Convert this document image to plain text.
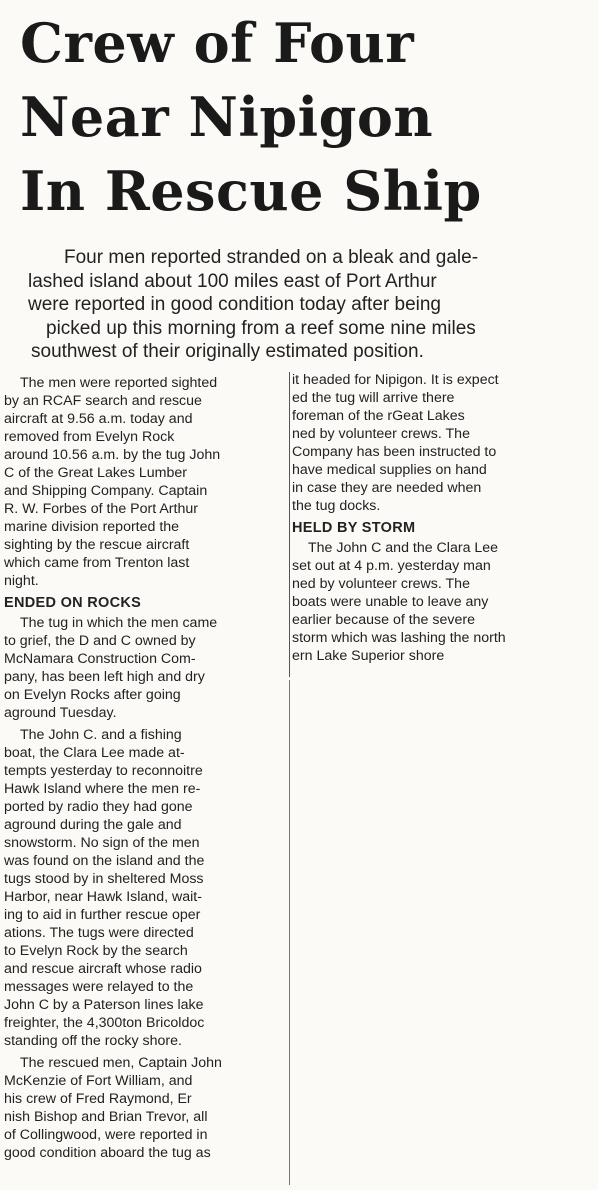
Crew of Four
Near Nipigon
In Rescue Ship

Four men reported stranded on a bleak and gale-
lashed island about 100 miles east of Port Arthur
were reported in good condition today after being
picked up this morning from a reef some nine miles
southwest of their originally estimated position.

The men were reported sighted
by an RCAF search and rescue
aircraft at 9.56 a.m. today and
removed from Evelyn Rock
around 10.56 a.m. by the tug John
C of the Great Lakes Lumber
and Shipping Company. Captain
R. W. Forbes of the Port Arthur
marine division reported the
sighting by the rescue aircraft
which came from Trenton last
night.

ENDED ON ROCKS

The tug in which the men came
to grief, the D and C owned by
McNamara Construction Com-
pany, has been left high and dry
on Evelyn Rocks after going
aground Tuesday.

The John C. and a fishing
boat, the Clara Lee made at-
tempts yesterday to reconnoitre
Hawk Island where the men re-
ported by radio they had gone
aground during the gale and
snowstorm. No sign of the men
was found on the island and the
tugs stood by in sheltered Moss
Harbor, near Hawk Island, wait-
ing to aid in further rescue oper
ations. The tugs were directed
to Evelyn Rock by the search
and rescue aircraft whose radio
messages were relayed to the
John C by a Paterson lines lake
freighter, the 4,300ton Bricoldoc
standing off the rocky shore.

The rescued men, Captain John
McKenzie of Fort William, and
his crew of Fred Raymond, Er
nish Bishop and Brian Trevor, all
of Collingwood, were reported in
good condition aboard the tug as

it headed for Nipigon. It is expect
ed the tug will arrive there
foreman of the rGeat Lakes
ned by volunteer crews. The
Company has been instructed to
have medical supplies on hand
in case they are needed when
the tug docks.

HELD BY STORM

The John C and the Clara Lee
set out at 4 p.m. yesterday man
ned by volunteer crews. The
boats were unable to leave any
earlier because of the severe
storm which was lashing the north
ern Lake Superior shore
